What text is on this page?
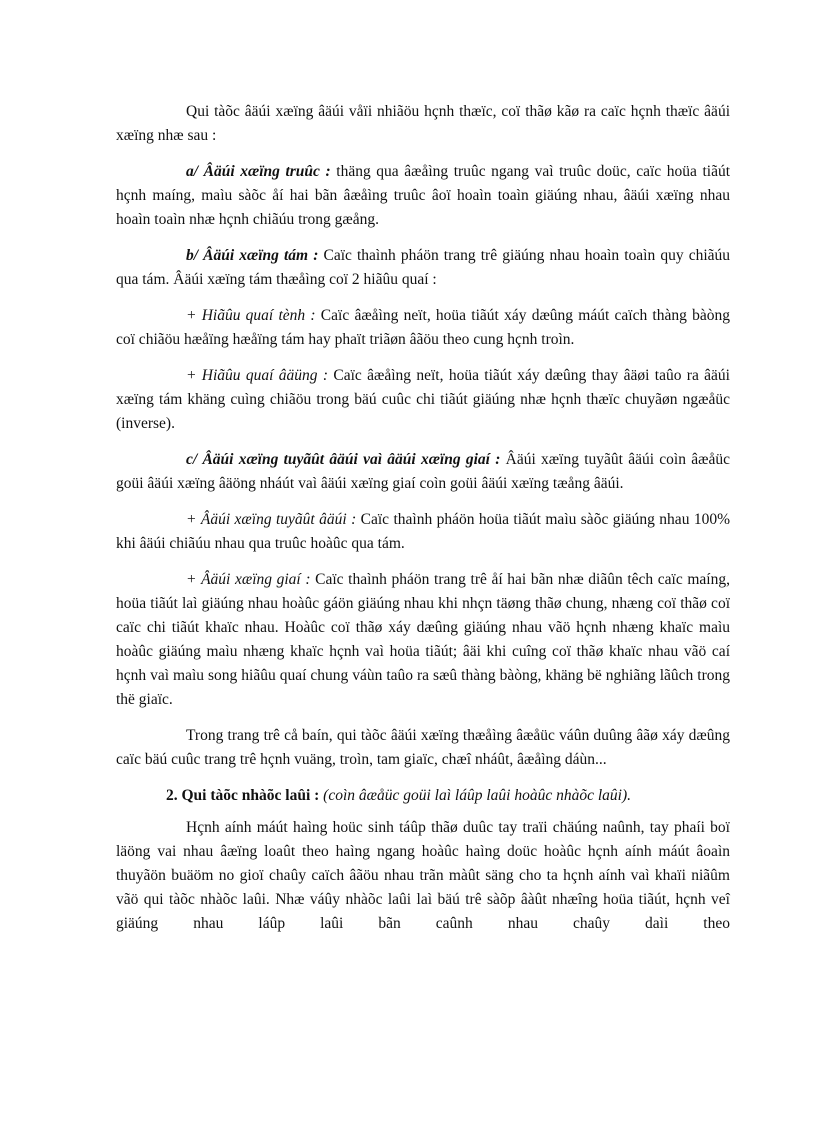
Qui tàõc âäúi xæïng âäúi våïi nhiãöu hçnh thæïc, coï thãø kãø ra caïc hçnh thæïc âäúi xæïng nhæ sau :

a/ Âäúi xæïng truûc : thäng qua âæåìng truûc ngang vaì truûc doüc, caïc hoüa tiãút hçnh maíng, maìu sàõc åí hai bãn âæåìng truûc âoï hoaìn toaìn giäúng nhau, âäúi xæïng nhau hoaìn toaìn nhæ hçnh chiãúu trong gæång.

b/ Âäúi xæïng tám : Caïc thaình pháön trang trê giäúng nhau hoaìn toaìn quy chiãúu qua tám. Âäúi xæïng tám thæåìng coï 2 hiãûu quaí :

+ Hiãûu quaí tènh : Caïc âæåìng neït, hoüa tiãút xáy dæûng máút caïch thàng bàòng coï chiãöu hæåïng hæåïng tám hay phaït triãøn âãöu theo cung hçnh troìn.

+ Hiãûu quaí âäüng : Caïc âæåìng neït, hoüa tiãút xáy dæûng thay âäøi taûo ra âäúi xæïng tám khäng cuìng chiãöu trong bäú cuûc chi tiãút giäúng nhæ hçnh thæïc chuyãøn ngæåüc (inverse).

c/ Âäúi xæïng tuyãût âäúi vaì âäúi xæïng giaí : Âäúi xæïng tuyãût âäúi coìn âæåüc goüi âäúi xæïng âäöng nháút vaì âäúi xæïng giaí coìn goüi âäúi xæïng tæång âäúi.

+ Âäúi xæïng tuyãût âäúi : Caïc thaình pháön hoüa tiãút maìu sàõc giäúng nhau 100% khi âäúi chiãúu nhau qua truûc hoàûc qua tám.

+ Âäúi xæïng giaí : Caïc thaình pháön trang trê åí hai bãn nhæ diãûn têch caïc maíng, hoüa tiãút laì giäúng nhau hoàûc gáön giäúng nhau khi nhçn täøng thãø chung, nhæng coï thãø coï caïc chi tiãút khaïc nhau. Hoàûc coï thãø xáy dæûng giäúng nhau vãö hçnh nhæng khaïc maìu hoàûc giäúng maìu nhæng khaïc hçnh vaì hoüa tiãút; âäi khi cuîng coï thãø khaïc nhau vãö caí hçnh vaì maìu song hiãûu quaí chung váùn taûo ra sæû thàng bàòng, khäng bë nghiãng lãûch trong thë giaïc.

Trong trang trê cå baín, qui tàõc âäúi xæïng thæåìng âæåüc váûn duûng âãø xáy dæûng caïc bäú cuûc trang trê hçnh vuäng, troìn, tam giaïc, chæî nháût, âæåìng dáùn...

2. Qui tàõc nhàõc laûi : (coìn âæåüc goüi laì láûp laûi hoàûc nhàõc laûi).

Hçnh aính máút haìng hoüc sinh táûp thãø duûc tay traïi chäúng naûnh, tay phaíi boï läöng vai nhau âæïng loaût theo haìng ngang hoàûc haìng doüc hoàûc hçnh aính máút âoaìn thuyãön buäöm no gioï chaûy caïch âãöu nhau trãn màût säng cho ta hçnh aính vaì khaïi niãûm vãö qui tàõc nhàõc laûi. Nhæ váûy nhàõc laûi laì bäú trê sàõp âàût nhæîng hoüa tiãút, hçnh veî giäúng nhau láûp laûi bãn caûnh nhau chaûy daìi theo
